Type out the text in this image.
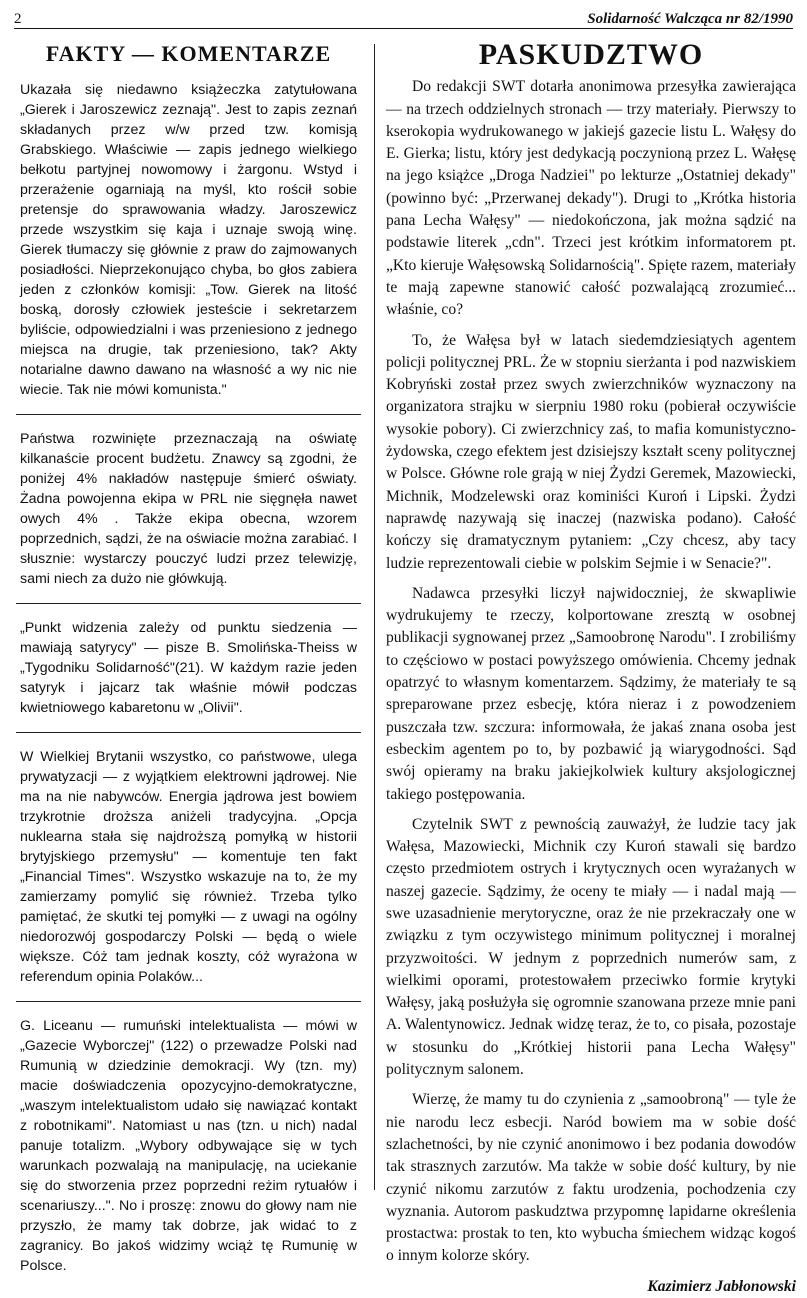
2	Solidarność Walcząca nr 82/1990
FAKTY — KOMENTARZE

Ukazała się niedawno książeczka zatytułowana „Gierek i Jaroszewicz zeznają". Jest to zapis zeznań składanych przez w/w przed tzw. komisją Grabskiego. Właściwie — zapis jednego wielkiego bełkotu partyjnej nowomowy i żargonu. Wstyd i przerażenie ogarniają na myśl, kto rościł sobie pretensje do sprawowania władzy. Jaroszewicz przede wszystkim się kaja i uznaje swoją winę. Gierek tłumaczy się głównie z praw do zajmowanych posiadłości. Nieprzekonująco chyba, bo głos zabiera jeden z członków komisji: „Tow. Gierek na litość boską, dorosły człowiek jesteście i sekretarzem byliście, odpowiedzialni i was przeniesiono z jednego miejsca na drugie, tak przeniesiono, tak? Akty notarialne dawno dawano na własność a wy nic nie wiecie. Tak nie mówi komunista."

Państwa rozwinięte przeznaczają na oświatę kilkanaście procent budżetu. Znawcy są zgodni, że poniżej 4% nakładów następuje śmierć oświaty. Żadna powojenna ekipa w PRL nie sięgnęła nawet owych 4% . Także ekipa obecna, wzorem poprzednich, sądzi, że na oświacie można zarabiać. I słusznie: wystarczy pouczyć ludzi przez telewizję, sami niech za dużo nie główkują.

„Punkt widzenia zależy od punktu siedzenia — mawiają satyrycy" — pisze B. Smolińska-Theiss w „Tygodniku Solidarność"(21). W każdym razie jeden satyryk i jajcarz tak właśnie mówił podczas kwietniowego kabaretonu w „Olivii".

W Wielkiej Brytanii wszystko, co państwowe, ulega prywatyzacji — z wyjątkiem elektrowni jądrowej. Nie ma na nie nabywców. Energia jądrowa jest bowiem trzykrotnie droższa aniżeli tradycyjna. „Opcja nuklearna stała się najdroższą pomyłką w historii brytyjskiego przemysłu" — komentuje ten fakt „Financial Times". Wszystko wskazuje na to, że my zamierzamy pomylić się również. Trzeba tylko pamiętać, że skutki tej pomyłki — z uwagi na ogólny niedorozwój gospodarczy Polski — będą o wiele większe. Cóż tam jednak koszty, cóż wyrażona w referendum opinia Polaków...

G. Liceanu — rumuński intelektualista — mówi w „Gazecie Wyborczej" (122) o przewadze Polski nad Rumunią w dziedzinie demokracji. Wy (tzn. my) macie doświadczenia opozycyjno-demokratyczne, „waszym intelektualistom udało się nawiązać kontakt z robotnikami". Natomiast u nas (tzn. u nich) nadal panuje totalizm. „Wybory odbywające się w tych warunkach pozwalają na manipulację, na uciekanie się do stworzenia przez poprzedni reżim rytuałów i scenariuszy...". No i proszę: znowu do głowy nam nie przyszło, że mamy tak dobrze, jak widać to z zagranicy. Bo jakoś widzimy wciąż tę Rumunię w Polsce.

PASKUDZTWO

Do redakcji SWT dotarła anonimowa przesyłka zawierająca — na trzech oddzielnych stronach — trzy materiały. Pierwszy to kserokopia wydrukowanego w jakiejś gazecie listu L. Wałęsy do E. Gierka; listu, który jest dedykacją poczynioną przez L. Wałęsę na jego książce „Droga Nadziei" po lekturze „Ostatniej dekady" (powinno być: „Przerwanej dekady"). Drugi to „Krótka historia pana Lecha Wałęsy" — niedokończona, jak można sądzić na podstawie literek „cdn". Trzeci jest krótkim informatorem pt. „Kto kieruje Wałęsowską Solidarnością". Spięte razem, materiały te mają zapewne stanowić całość pozwalającą zrozumieć... właśnie, co?

To, że Wałęsa był w latach siedemdziesiątych agentem policji politycznej PRL. Że w stopniu sierżanta i pod nazwiskiem Kobryński został przez swych zwierzchników wyznaczony na organizatora strajku w sierpniu 1980 roku (pobierał oczywiście wysokie pobory). Ci zwierzchnicy zaś, to mafia komunistyczno-żydowska, czego efektem jest dzisiejszy kształt sceny politycznej w Polsce. Główne role grają w niej Żydzi Geremek, Mazowiecki, Michnik, Modzelewski oraz kominiści Kuroń i Lipski. Żydzi naprawdę nazywają się inaczej (nazwiska podano). Całość kończy się dramatycznym pytaniem: „Czy chcesz, aby tacy ludzie reprezentowali ciebie w polskim Sejmie i w Senacie?".

Nadawca przesyłki liczył najwidoczniej, że skwapliwie wydrukujemy te rzeczy, kolportowane zresztą w osobnej publikacji sygnowanej przez „Samoobronę Narodu". I zrobiliśmy to częściowo w postaci powyższego omówienia. Chcemy jednak opatrzyć to własnym komentarzem. Sądzimy, że materiały te są spreparowane przez esbecję, która nieraz i z powodzeniem puszczała tzw. szczura: informowała, że jakaś znana osoba jest esbeckim agentem po to, by pozbawić ją wiarygodności. Sąd swój opieramy na braku jakiejkolwiek kultury aksjologicznej takiego postępowania.

Czytelnik SWT z pewnością zauważył, że ludzie tacy jak Wałęsa, Mazowiecki, Michnik czy Kuroń stawali się bardzo często przedmiotem ostrych i krytycznych ocen wyrażanych w naszej gazecie. Sądzimy, że oceny te miały — i nadal mają — swe uzasadnienie merytoryczne, oraz że nie przekraczały one w związku z tym oczywistego minimum politycznej i moralnej przyzwoitości. W jednym z poprzednich numerów sam, z wielkimi oporami, protestowałem przeciwko formie krytyki Wałęsy, jaką posłużyła się ogromnie szanowana przeze mnie pani A. Walentynowicz. Jednak widzę teraz, że to, co pisała, pozostaje w stosunku do „Krótkiej historii pana Lecha Wałęsy" politycznym salonem.

Wierzę, że mamy tu do czynienia z „samoobroną" — tyle że nie narodu lecz esbecji. Naród bowiem ma w sobie dość szlachetności, by nie czynić anonimowo i bez podania dowodów tak strasznych zarzutów. Ma także w sobie dość kultury, by nie czynić nikomu zarzutów z faktu urodzenia, pochodzenia czy wyznania. Autorom paskudztwa przypomnę lapidarne określenia prostactwa: prostak to ten, kto wybucha śmiechem widząc kogoś o innym kolorze skóry.

Kazimierz Jabłonowski
